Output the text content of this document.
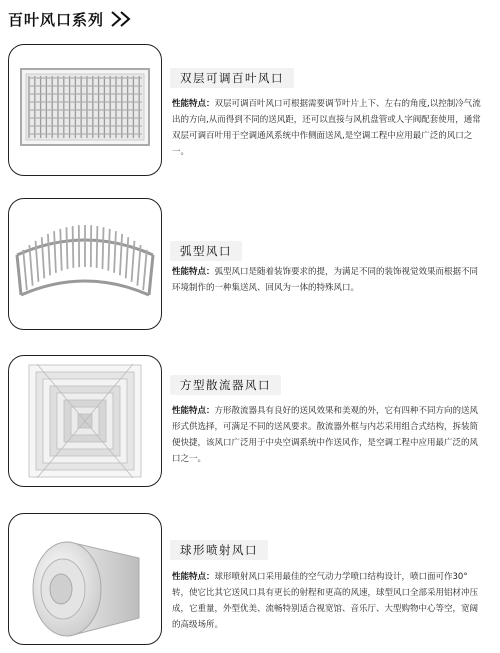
百叶风口系列
双层可调百叶风口
性能特点：双层可调百叶风口可根据需要调节叶片上下、左右的角度,以控制冷气流出的方向,从而得到不同的送风距，还可以直接与风机盘管或人字阀配套使用，通常双层可调百叶用于空调通风系统中作侧面送风,是空调工程中应用最广泛的风口之一。
弧型风口
性能特点：弧型风口是随着装饰要求的提，为满足不同的装饰视觉效果而根据不同环境制作的一种集送风、回风为一体的特殊风口。
方型散流器风口
性能特点：方形散流器具有良好的送风效果和美观的外，它有四种不同方向的送风形式供选择，可满足不同的送风要求。散流器外框与内芯采用组合式结构，拆装简便快捷，该风口广泛用于中央空调系统中作送风作，是空调工程中应用最广泛的风口之一。
球形喷射风口
性能特点：球形喷射风口采用最佳的空气动力学喷口结构设计，喷口面可作30°转，使它比其它送风口具有更长的射程和更高的风速，球型风口全部采用铝材冲压成，它重量，外型优美、流畅特别适合视宽馆、音乐厅、大型购物中心等空，宽阔的高级场所。
